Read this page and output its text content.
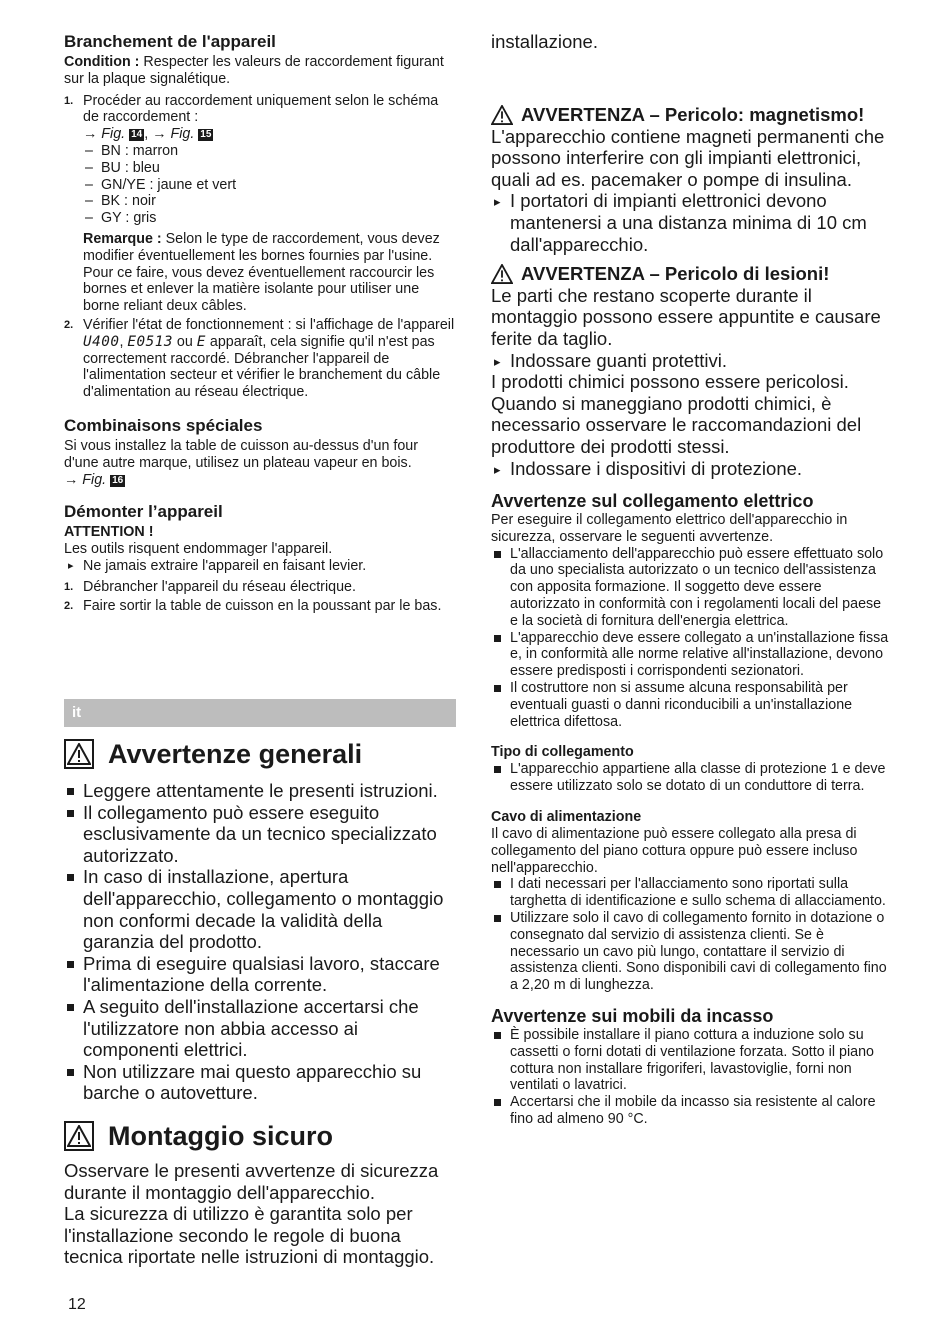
Branchement de l'appareil

Condition : Respecter les valeurs de raccordement figurant sur la plaque signalétique.

1. Procéder au raccordement uniquement selon le schéma de raccordement :
→ Fig. 14 , → Fig. 15
– BN : marron
– BU : bleu
– GN/YE : jaune et vert
– BK : noir
– GY : gris

Remarque : Selon le type de raccordement, vous devez modifier éventuellement les bornes fournies par l'usine. Pour ce faire, vous devez éventuellement raccourcir les bornes et enlever la matière isolante pour utiliser une borne reliant deux câbles.

2. Vérifier l'état de fonctionnement : si l'affichage de l'appareil U400, E0513 ou E apparaît, cela signifie qu'il n'est pas correctement raccordé. Débrancher l'appareil de l'alimentation secteur et vérifier le branchement du câble d'alimentation au réseau électrique.
Combinaisons spéciales

Si vous installez la table de cuisson au-dessus d'un four d'une autre marque, utilisez un plateau vapeur en bois.

→ Fig. 16
Démonter l’appareil

ATTENTION !

Les outils risquent endommager l'appareil.

▸ Ne jamais extraire l'appareil en faisant levier.
1. Débrancher l'appareil du réseau électrique.
2. Faire sortir la table de cuisson en la poussant par le bas.
it
Avvertenze generali
Leggere attentamente le presenti istruzioni.
Il collegamento può essere eseguito esclusivamente da un tecnico specializzato autorizzato.
In caso di installazione, apertura dell'apparecchio, collegamento o montaggio non conformi decade la validità della garanzia del prodotto.
Prima di eseguire qualsiasi lavoro, staccare l'alimentazione della corrente.
A seguito dell'installazione accertarsi che l'utilizzatore non abbia accesso ai componenti elettrici.
Non utilizzare mai questo apparecchio su barche o autovetture.
Montaggio sicuro

Osservare le presenti avvertenze di sicurezza durante il montaggio dell'apparecchio.

La sicurezza di utilizzo è garantita solo per l'installazione secondo le regole di buona tecnica riportate nelle istruzioni di montaggio.

installazione.

AVVERTENZA – Pericolo: magnetismo!

L'apparecchio contiene magneti permanenti che possono interferire con gli impianti elettronici, quali ad es. pacemaker o pompe di insulina.

▸ I portatori di impianti elettronici devono mantenersi a una distanza minima di 10 cm dall'apparecchio.
AVVERTENZA – Pericolo di lesioni!

Le parti che restano scoperte durante il montaggio possono essere appuntite e causare ferite da taglio.

▸ Indossare guanti protettivi.

I prodotti chimici possono essere pericolosi. Quando si maneggiano prodotti chimici, è necessario osservare le raccomandazioni del produttore dei prodotti stessi.

▸ Indossare i dispositivi di protezione.
Avvertenze sul collegamento elettrico

Per eseguire il collegamento elettrico dell'apparecchio in sicurezza, osservare le seguenti avvertenze.

L'allacciamento dell'apparecchio può essere effettuato solo da uno specialista autorizzato o un tecnico dell'assistenza con apposita formazione. Il soggetto deve essere autorizzato in conformità con i regolamenti locali del paese e la società di fornitura dell'energia elettrica.
L'apparecchio deve essere collegato a un'installazione fissa e, in conformità alle norme relative all'installazione, devono essere predisposti i corrispondenti sezionatori.
Il costruttore non si assume alcuna responsabilità per eventuali guasti o danni riconducibili a un'installazione elettrica difettosa.
Tipo di collegamento
L'apparecchio appartiene alla classe di protezione 1 e deve essere utilizzato solo se dotato di un conduttore di terra.
Cavo di alimentazione

Il cavo di alimentazione può essere collegato alla presa di collegamento del piano cottura oppure può essere incluso nell'apparecchio.

I dati necessari per l'allacciamento sono riportati sulla targhetta di identificazione e sullo schema di allacciamento.
Utilizzare solo il cavo di collegamento fornito in dotazione o consegnato dal servizio di assistenza clienti. Se è necessario un cavo più lungo, contattare il servizio di assistenza clienti. Sono disponibili cavi di collegamento fino a 2,20 m di lunghezza.
Avvertenze sui mobili da incasso
È possibile installare il piano cottura a induzione solo su cassetti o forni dotati di ventilazione forzata. Sotto il piano cottura non installare frigoriferi, lavastoviglie, forni non ventilati o lavatrici.
Accertarsi che il mobile da incasso sia resistente al calore fino ad almeno 90 °C.
12
